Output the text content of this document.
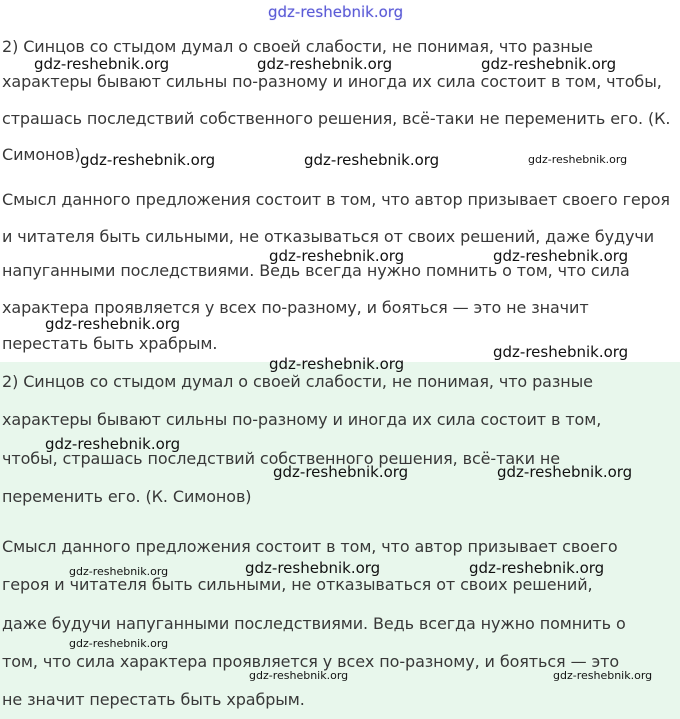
gdz-reshebnik.org
2) Синцов со стыдом думал о своей слабости, не понимая, что разные
характеры бывают сильны по-разному и иногда их сила состоит в том, чтобы,
страшась последствий собственного решения, всё-таки не переменить его. (К.
Симонов)
Смысл данного предложения состоит в том, что автор призывает своего героя
и читателя быть сильными, не отказываться от своих решений, даже будучи
напуганными последствиями. Ведь всегда нужно помнить о том, что сила
характера проявляется у всех по-разному, и бояться — это не значит
перестать быть храбрым.
2) Синцов со стыдом думал о своей слабости, не понимая, что разные
характеры бывают сильны по-разному и иногда их сила состоит в том,
чтобы, страшась последствий собственного решения, всё-таки не
переменить его. (К. Симонов)
Смысл данного предложения состоит в том, что автор призывает своего
героя и читателя быть сильными, не отказываться от своих решений,
даже будучи напуганными последствиями. Ведь всегда нужно помнить о
том, что сила характера проявляется у всех по-разному, и бояться — это
не значит перестать быть храбрым.
gdz-reshebnik.org	gdz-reshebnik.org	gdz-reshebnik.org
gdz-reshebnik.org	gdz-reshebnik.org	gdz-reshebnik.org
gdz-reshebnik.org	gdz-reshebnik.org
gdz-reshebnik.org
gdz-reshebnik.org
gdz-reshebnik.org
gdz-reshebnik.org
gdz-reshebnik.org	gdz-reshebnik.org
gdz-reshebnik.org	gdz-reshebnik.org
gdz-reshebnik.org
gdz-reshebnik.org
gdz-reshebnik.org	gdz-reshebnik.org
